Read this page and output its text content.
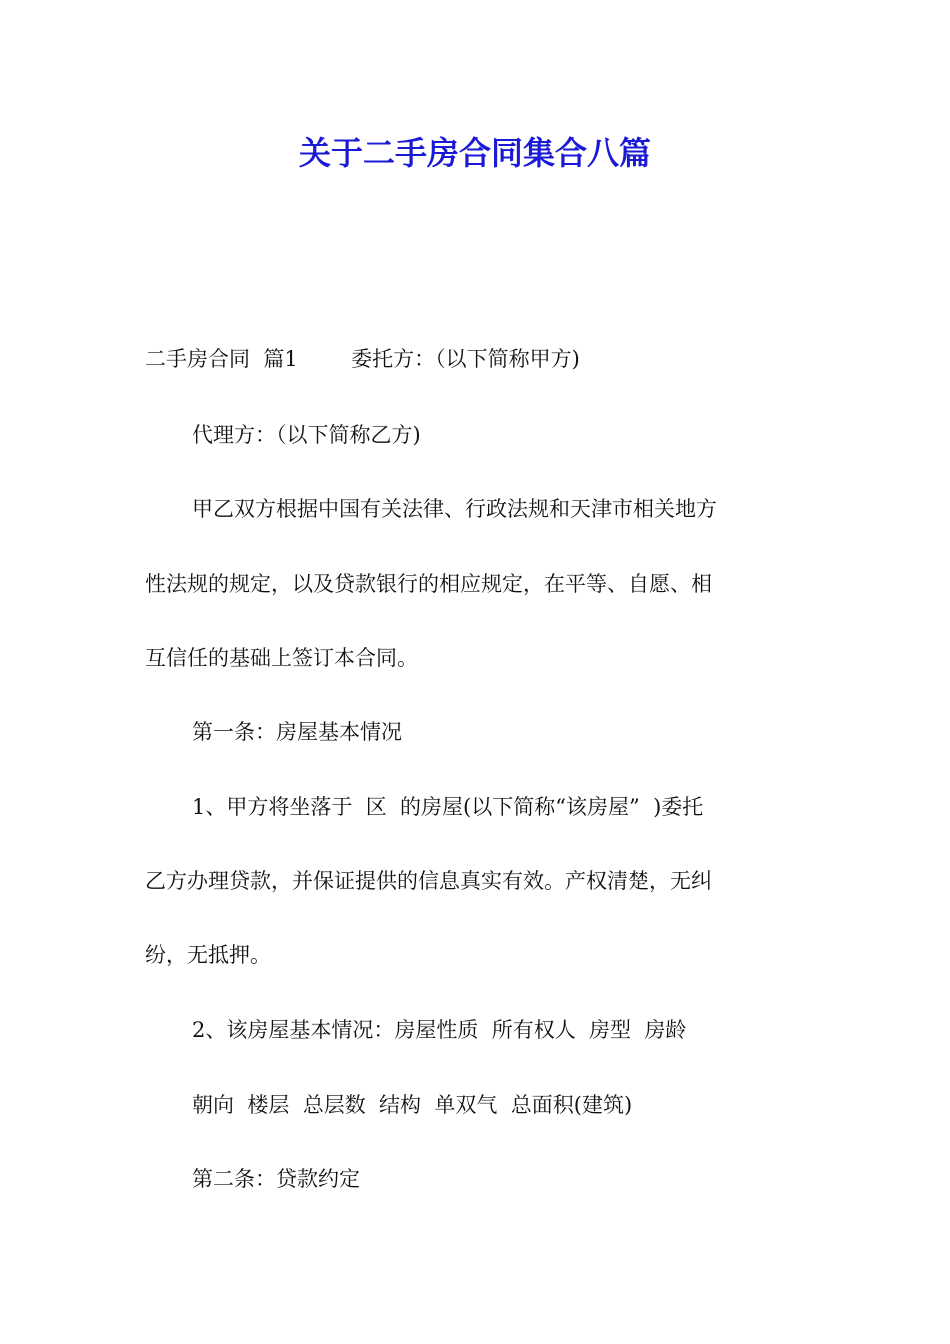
关于二手房合同集合八篇

二手房合同  篇1        委托方：（以下简称甲方)

代理方：（以下简称乙方)

甲乙双方根据中国有关法律、行政法规和天津市相关地方

性法规的规定，以及贷款银行的相应规定，在平等、自愿、相

互信任的基础上签订本合同。

第一条：房屋基本情况

1、甲方将坐落于  区  的房屋(以下简称“该房屋”  )委托

乙方办理贷款，并保证提供的信息真实有效。产权清楚，无纠

纷，无抵押。

2、该房屋基本情况：房屋性质  所有权人  房型  房龄

朝向  楼层  总层数  结构  单双气  总面积(建筑)

第二条：贷款约定
